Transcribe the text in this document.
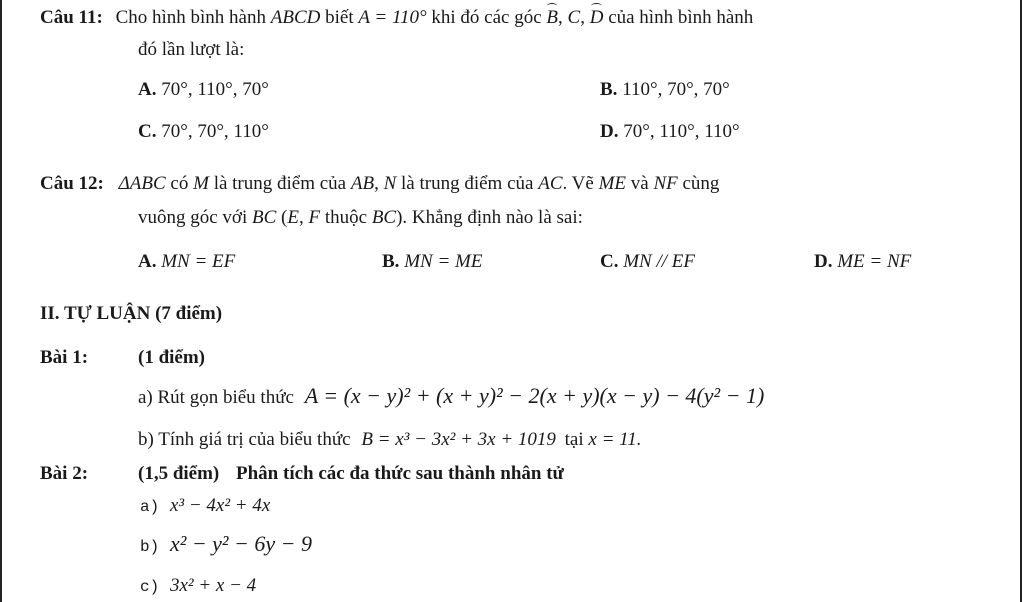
Câu 11: Cho hình bình hành ABCD biết A = 110° khi đó các góc B, C, D của hình bình hành
đó lần lượt là:
A. 70°, 110°, 70°	B. 110°, 70°, 70°
C. 70°, 70°, 110°	D. 70°, 110°, 110°
Câu 12: ΔABC có M là trung điểm của AB, N là trung điểm của AC. Vẽ ME và NF cùng
vuông góc với BC (E, F thuộc BC). Khẳng định nào là sai:
A. MN = EF	B. MN = ME	C. MN // EF	D. ME = NF
II. TỰ LUẬN (7 điểm)
Bài 1:	(1 điểm)
a) Rút gọn biểu thức A = (x − y)² + (x + y)² − 2(x + y)(x − y) − 4(y² − 1)
b) Tính giá trị của biểu thức B = x³ − 3x² + 3x + 1019 tại x = 11.
Bài 2:	(1,5 điểm) Phân tích các đa thức sau thành nhân tử
a) x³ − 4x² + 4x
b) x² − y² − 6y − 9
c) 3x² + x − 4
